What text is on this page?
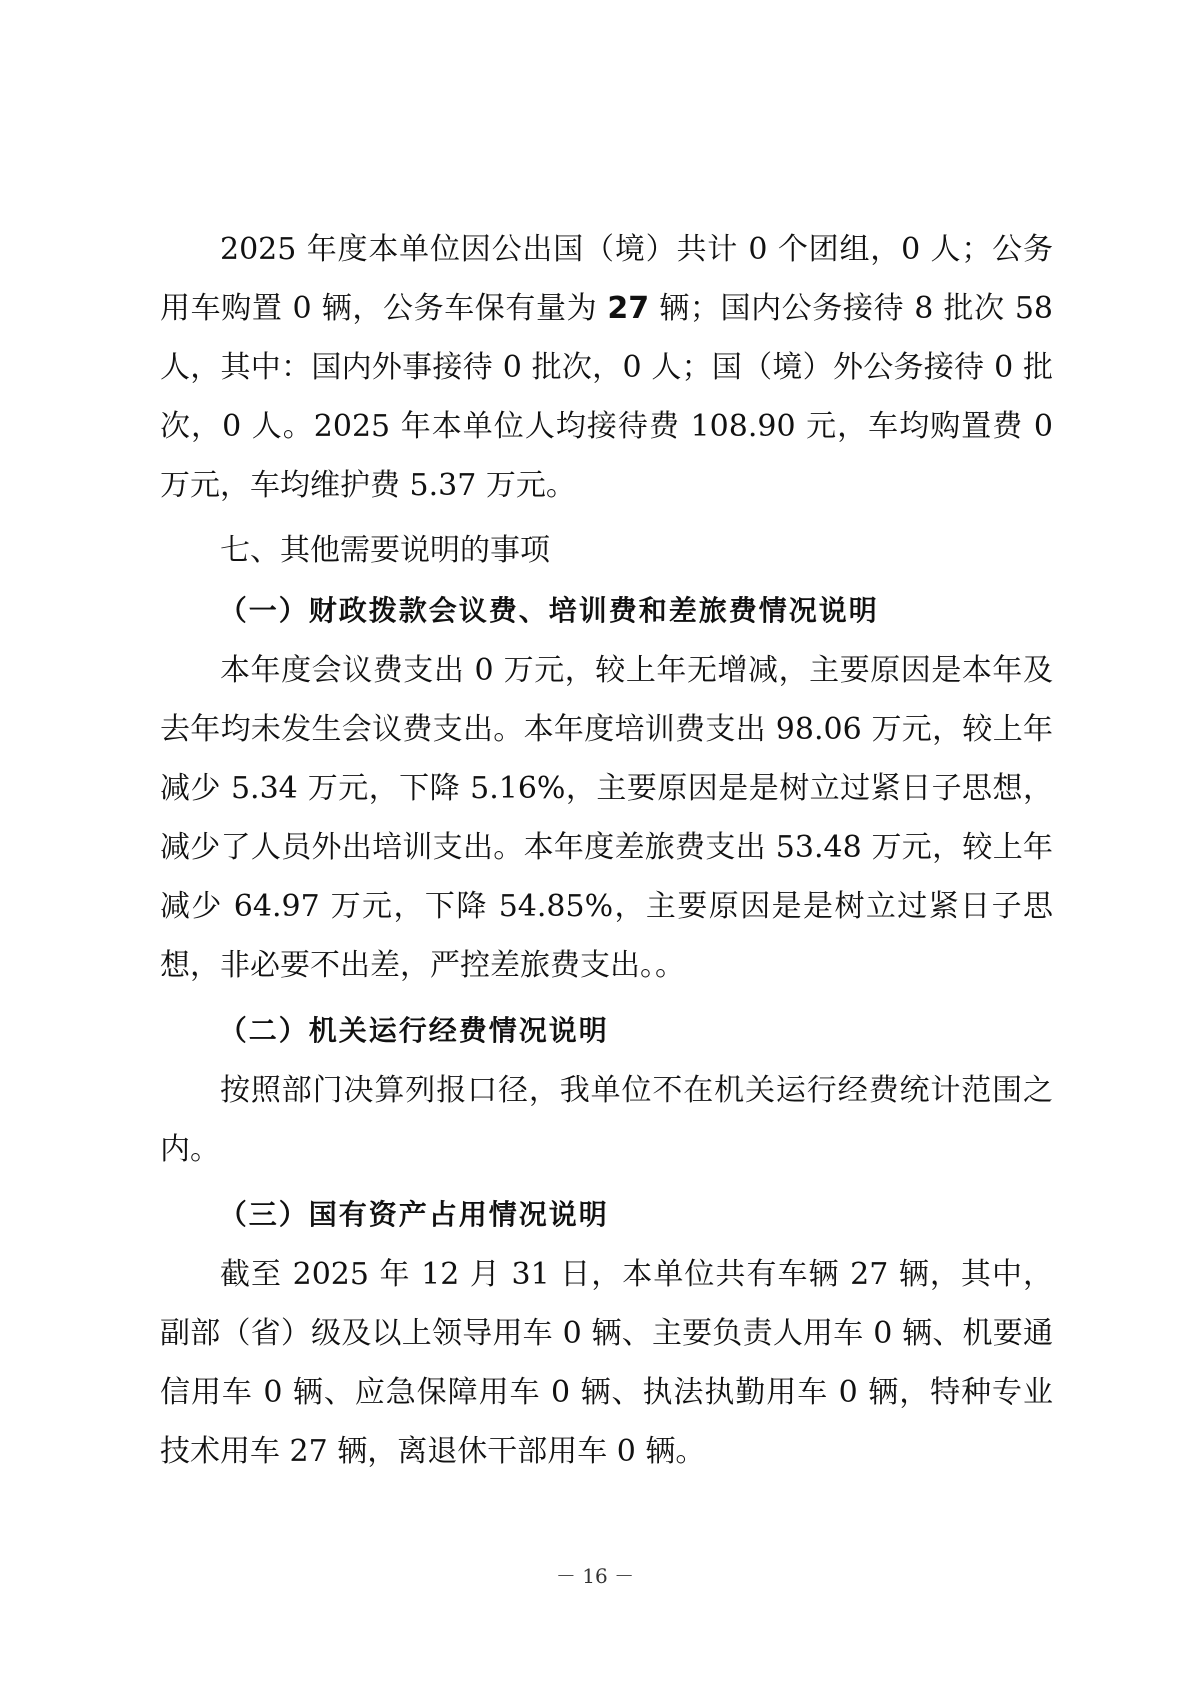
2025 年度本单位因公出国（境）共计 0 个团组，0 人；公务用车购置 0 辆，公务车保有量为 27 辆；国内公务接待 8 批次 58 人，其中：国内外事接待 0 批次，0 人；国（境）外公务接待 0 批次，0 人。2025 年本单位人均接待费 108.90 元，车均购置费 0 万元，车均维护费 5.37 万元。

七、其他需要说明的事项

（一）财政拨款会议费、培训费和差旅费情况说明

本年度会议费支出 0 万元，较上年无增减，主要原因是本年及去年均未发生会议费支出。本年度培训费支出 98.06 万元，较上年减少 5.34 万元，下降 5.16%，主要原因是是树立过紧日子思想，减少了人员外出培训支出。本年度差旅费支出 53.48 万元，较上年减少 64.97 万元，下降 54.85%，主要原因是是树立过紧日子思想，非必要不出差，严控差旅费支出。。

（二）机关运行经费情况说明

按照部门决算列报口径，我单位不在机关运行经费统计范围之内。

（三）国有资产占用情况说明

截至 2025 年 12 月 31 日，本单位共有车辆 27 辆，其中，副部（省）级及以上领导用车 0 辆、主要负责人用车 0 辆、机要通信用车 0 辆、应急保障用车 0 辆、执法执勤用车 0 辆，特种专业技术用车 27 辆，离退休干部用车 0 辆。

－ 16 －
